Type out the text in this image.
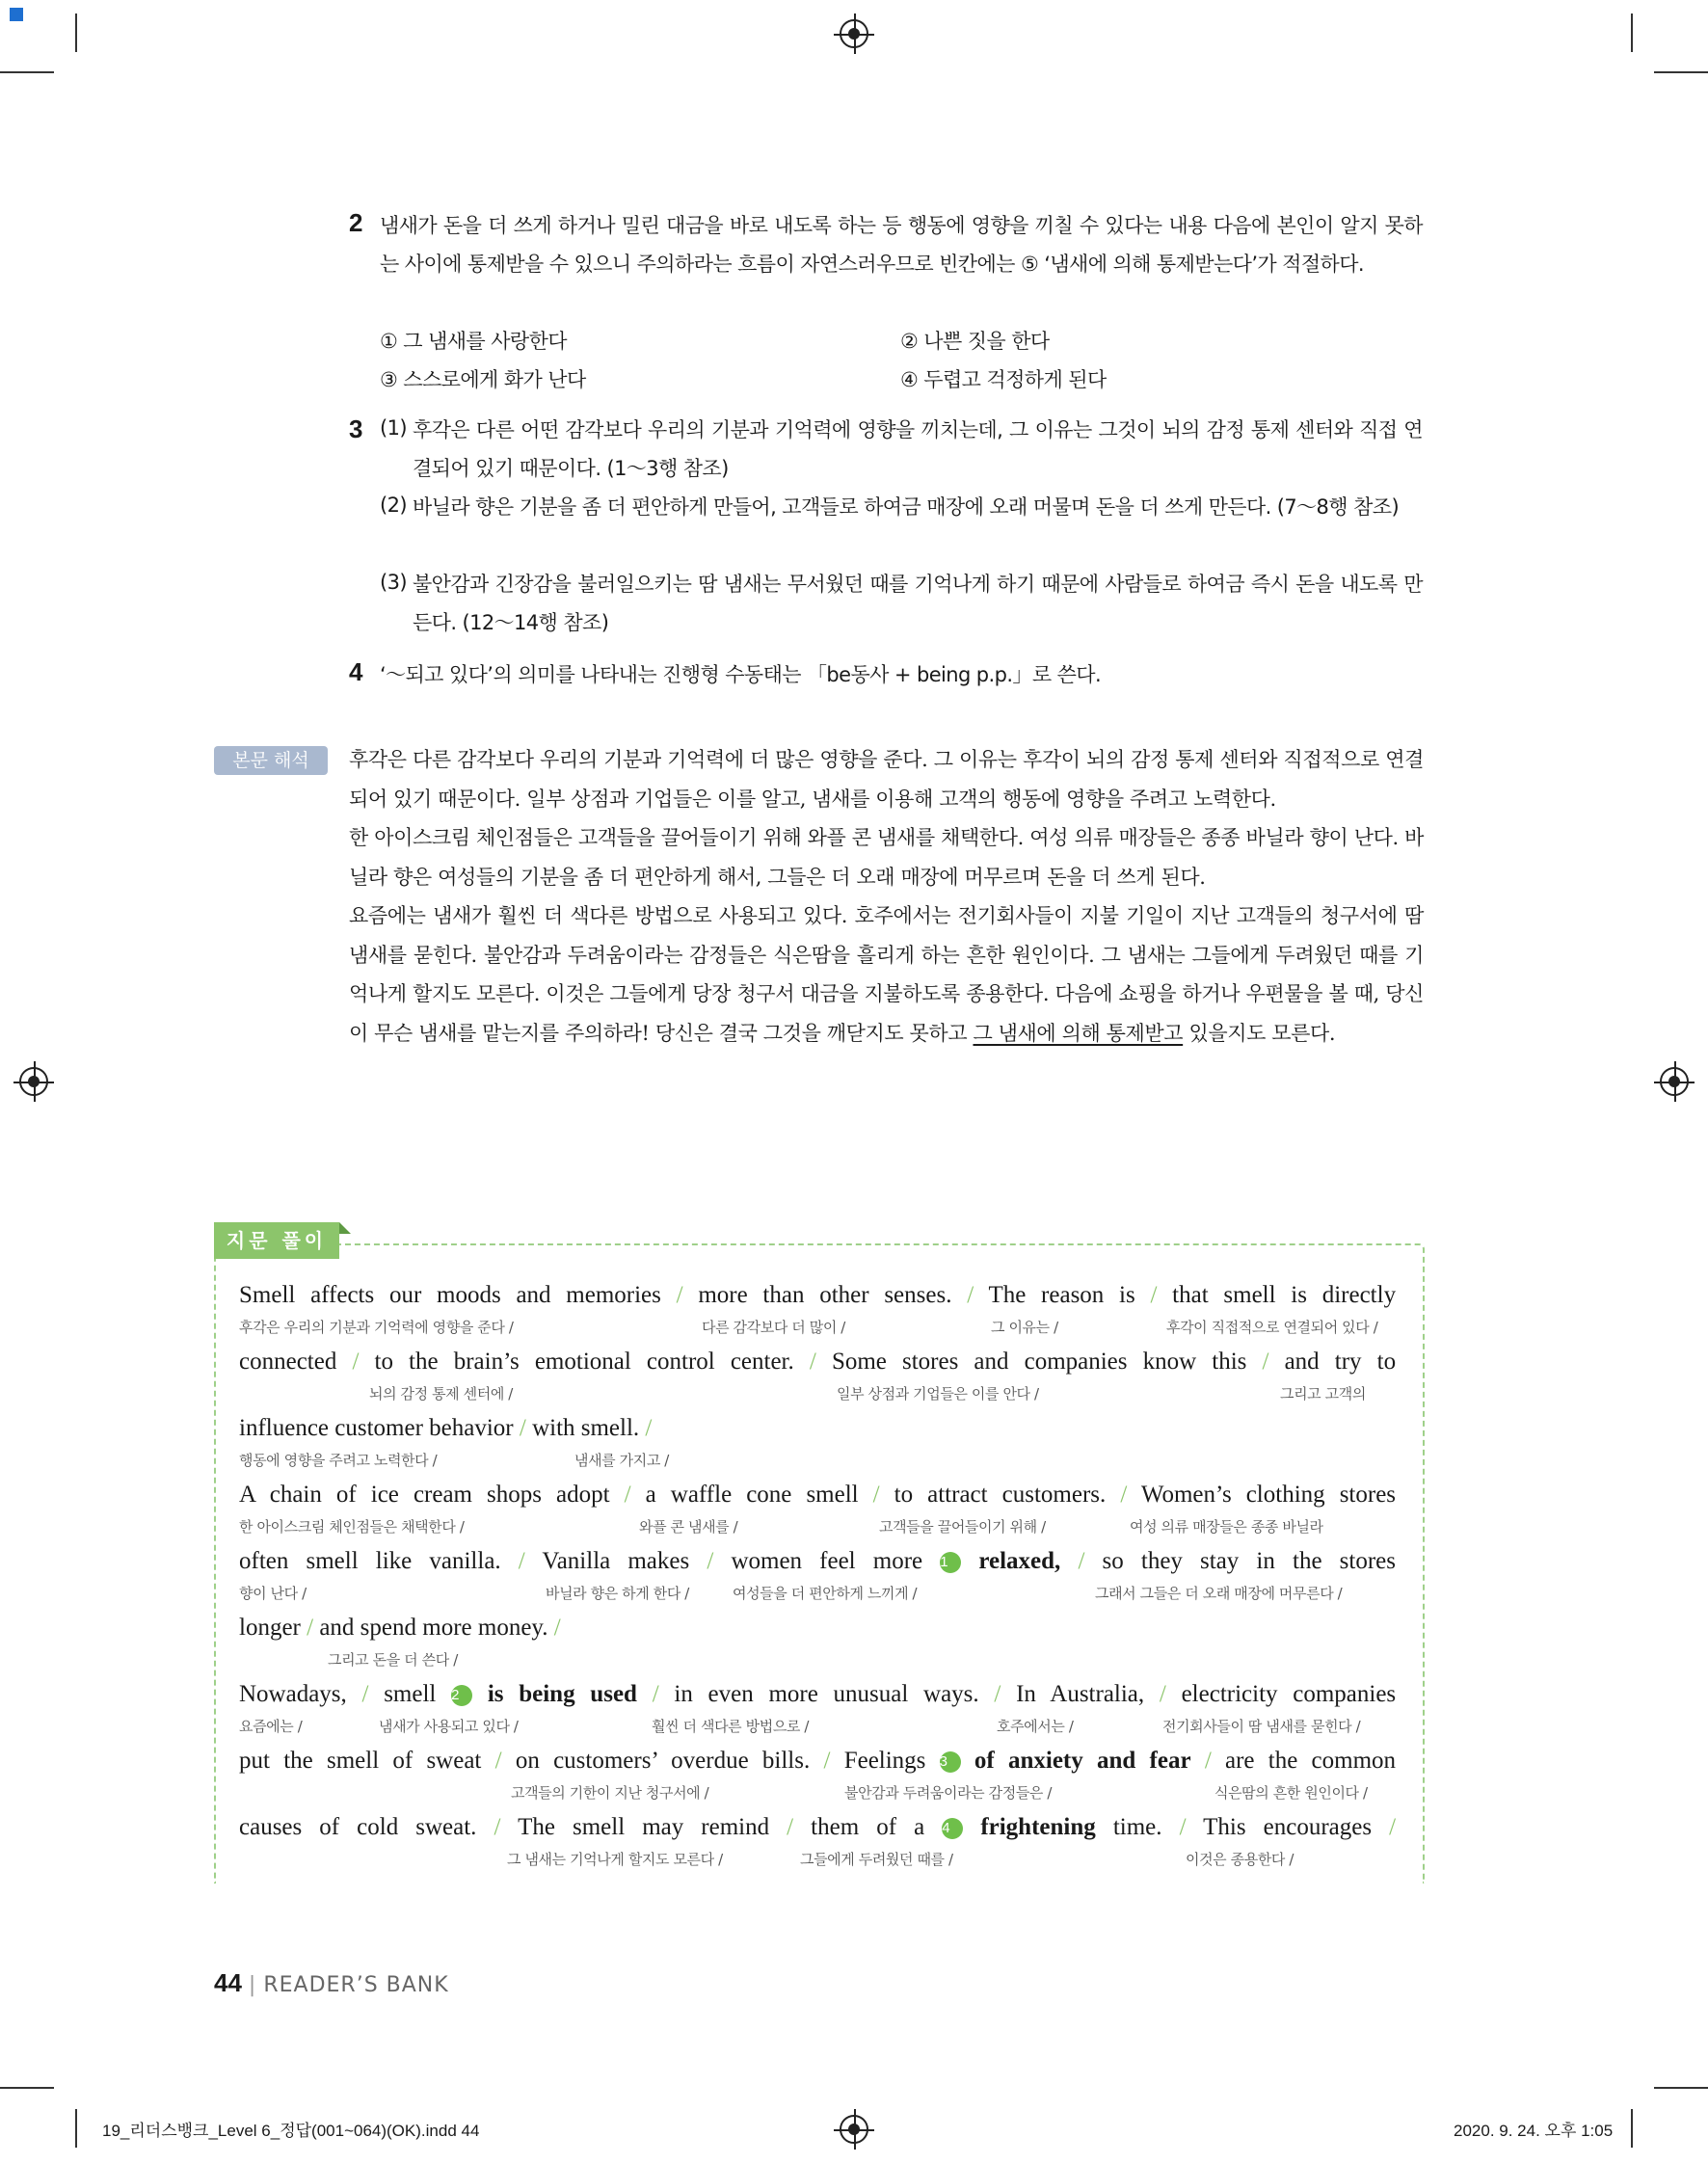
2 냄새가 돈을 더 쓰게 하거나 밀린 대금을 바로 내도록 하는 등 행동에 영향을 끼칠 수 있다는 내용 다음에 본인이 알지 못하는 사이에 통제받을 수 있으니 주의하라는 흐름이 자연스러우므로 빈칸에는 ⑤ ‘냄새에 의해 통제받는다’가 적절하다.
① 그 냄새를 사랑한다	② 나쁜 짓을 한다
③ 스스로에게 화가 난다	④ 두렵고 걱정하게 된다
3 (1) 후각은 다른 어떤 감각보다 우리의 기분과 기억력에 영향을 끼치는데, 그 이유는 그것이 뇌의 감정 통제 센터와 직접 연결되어 있기 때문이다. (1～3행 참조)
(2) 바닐라 향은 기분을 좀 더 편안하게 만들어, 고객들로 하여금 매장에 오래 머물며 돈을 더 쓰게 만든다. (7～8행 참조)
(3) 불안감과 긴장감을 불러일으키는 땀 냄새는 무서웠던 때를 기억나게 하기 때문에 사람들로 하여금 즉시 돈을 내도록 만든다. (12～14행 참조)
4 ‘～되고 있다’의 의미를 나타내는 진행형 수동태는 「be동사 + being p.p.」로 쓴다.
본문 해석	후각은 다른 감각보다 우리의 기분과 기억력에 더 많은 영향을 준다. 그 이유는 후각이 뇌의 감정 통제 센터와 직접적으로 연결되어 있기 때문이다. 일부 상점과 기업들은 이를 알고, 냄새를 이용해 고객의 행동에 영향을 주려고 노력한다.

한 아이스크림 체인점들은 고객들을 끌어들이기 위해 와플 콘 냄새를 채택한다. 여성 의류 매장들은 종종 바닐라 향이 난다. 바닐라 향은 여성들의 기분을 좀 더 편안하게 해서, 그들은 더 오래 매장에 머무르며 돈을 더 쓰게 된다.

요즘에는 냄새가 훨씬 더 색다른 방법으로 사용되고 있다. 호주에서는 전기회사들이 지불 기일이 지난 고객들의 청구서에 땀 냄새를 묻힌다. 불안감과 두려움이라는 감정들은 식은땀을 흘리게 하는 흔한 원인이다. 그 냄새는 그들에게 두려웠던 때를 기억나게 할지도 모른다. 이것은 그들에게 당장 청구서 대금을 지불하도록 종용한다. 다음에 쇼핑을 하거나 우편물을 볼 때, 당신이 무슨 냄새를 맡는지를 주의하라! 당신은 결국 그것을 깨닫지도 못하고 그 냄새에 의해 통제받고 있을지도 모른다.

지문 풀이
Smell affects our moods and memories / more than other senses. / The reason is / that smell is directly
후각은 우리의 기분과 기억력에 영향을 준다 /	다른 감각보다 더 많이 /	그 이유는 /	후각이 직접적으로 연결되어 있다 /
connected / to the brain’s emotional control center. / Some stores and companies know this / and try to
뇌의 감정 통제 센터에 /	일부 상점과 기업들은 이를 안다 /	그리고 고객의
influence customer behavior / with smell. /
행동에 영향을 주려고 노력한다 /	냄새를 가지고 /
A chain of ice cream shops adopt / a waffle cone smell / to attract customers. / Women’s clothing stores
한 아이스크림 체인점들은 채택한다 /	와플 콘 냄새를 /	고객들을 끌어들이기 위해 /	여성 의류 매장들은 종종 바닐라
often smell like vanilla. / Vanilla makes / women feel more 1 relaxed, / so they stay in the stores
향이 난다 /	바닐라 향은 하게 한다 /	여성들을 더 편안하게 느끼게 /	그래서 그들은 더 오래 매장에 머무른다 /
longer / and spend more money. /
그리고 돈을 더 쓴다 /
Nowadays, / smell 2 is being used / in even more unusual ways. / In Australia, / electricity companies
요즘에는 /	냄새가 사용되고 있다 /	훨씬 더 색다른 방법으로 /	호주에서는 /	전기회사들이 땀 냄새를 묻힌다 /
put the smell of sweat / on customers’ overdue bills. / Feelings 3 of anxiety and fear / are the common
고객들의 기한이 지난 청구서에 /	불안감과 두려움이라는 감정들은 /	식은땀의 흔한 원인이다 /
causes of cold sweat. / The smell may remind / them of a 4 frightening time. / This encourages /
그 냄새는 기억나게 할지도 모른다 /	그들에게 두려웠던 때를 /	이것은 종용한다 /
44 | READER’S BANK
19_리더스뱅크_Level 6_정답(001~064)(OK).indd 44	2020. 9. 24. 오후 1:05
